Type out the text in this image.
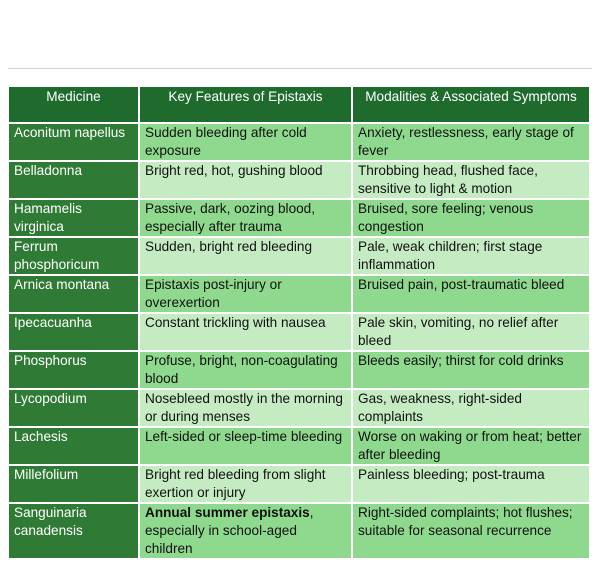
Medicine	Key Features of Epistaxis	Modalities & Associated Symptoms
Aconitum napellus	Sudden bleeding after cold exposure	Anxiety, restlessness, early stage of fever
Belladonna	Bright red, hot, gushing blood	Throbbing head, flushed face, sensitive to light & motion
Hamamelis virginica	Passive, dark, oozing blood, especially after trauma	Bruised, sore feeling; venous congestion
Ferrum phosphoricum	Sudden, bright red bleeding	Pale, weak children; first stage inflammation
Arnica montana	Epistaxis post-injury or overexertion	Bruised pain, post-traumatic bleed
Ipecacuanha	Constant trickling with nausea	Pale skin, vomiting, no relief after bleed
Phosphorus	Profuse, bright, non-coagulating blood	Bleeds easily; thirst for cold drinks
Lycopodium	Nosebleed mostly in the morning or during menses	Gas, weakness, right-sided complaints
Lachesis	Left-sided or sleep-time bleeding	Worse on waking or from heat; better after bleeding
Millefolium	Bright red bleeding from slight exertion or injury	Painless bleeding; post-trauma
Sanguinaria canadensis	Annual summer epistaxis, especially in school-aged children	Right-sided complaints; hot flushes; suitable for seasonal recurrence
